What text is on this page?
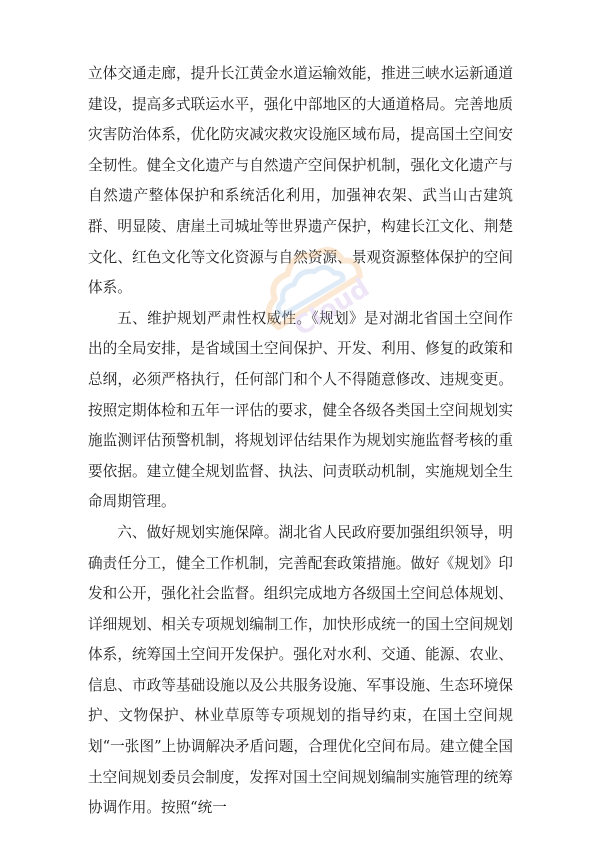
立体交通走廊，提升长江黄金水道运输效能，推进三峡水运新通道建设，提高多式联运水平，强化中部地区的大通道格局。完善地质灾害防治体系，优化防灾减灾救灾设施区域布局，提高国土空间安全韧性。健全文化遗产与自然遗产空间保护机制，强化文化遗产与自然遗产整体保护和系统活化利用，加强神农架、武当山古建筑群、明显陵、唐崖土司城址等世界遗产保护，构建长江文化、荆楚文化、红色文化等文化资源与自然资源、景观资源整体保护的空间体系。

五、维护规划严肃性权威性。《规划》是对湖北省国土空间作出的全局安排，是省域国土空间保护、开发、利用、修复的政策和总纲，必须严格执行，任何部门和个人不得随意修改、违规变更。按照定期体检和五年一评估的要求，健全各级各类国土空间规划实施监测评估预警机制，将规划评估结果作为规划实施监督考核的重要依据。建立健全规划监督、执法、问责联动机制，实施规划全生命周期管理。

六、做好规划实施保障。湖北省人民政府要加强组织领导，明确责任分工，健全工作机制，完善配套政策措施。做好《规划》印发和公开，强化社会监督。组织完成地方各级国土空间总体规划、详细规划、相关专项规划编制工作，加快形成统一的国土空间规划体系，统筹国土空间开发保护。强化对水利、交通、能源、农业、信息、市政等基础设施以及公共服务设施、军事设施、生态环境保护、文物保护、林业草原等专项规划的指导约束，在国土空间规划“一张图”上协调解决矛盾问题，合理优化空间布局。建立健全国土空间规划委员会制度，发挥对国土空间规划编制实施管理的统筹协调作用。按照“统一

Cloud
